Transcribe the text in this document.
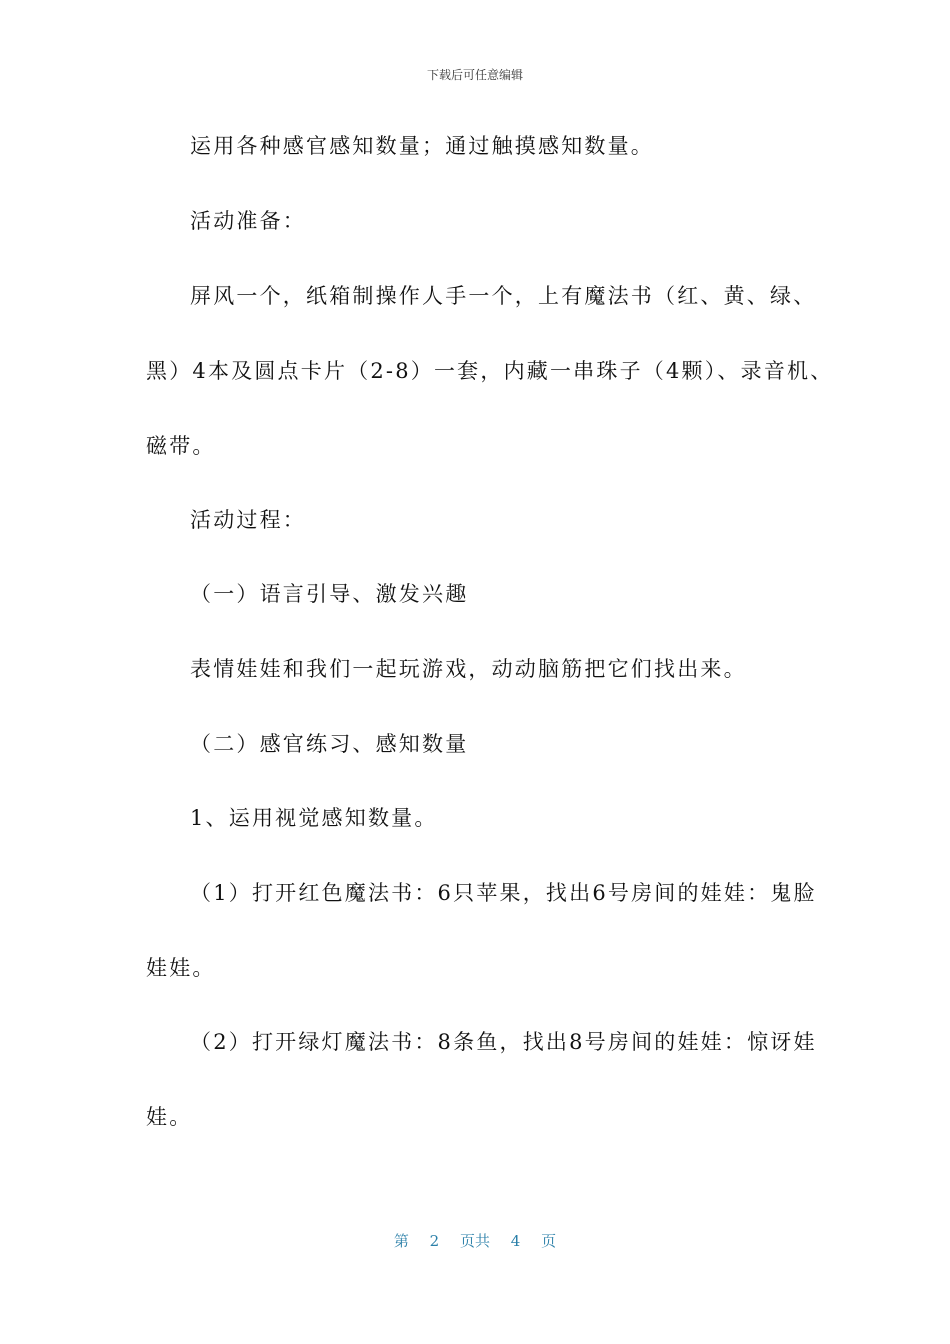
下载后可任意编辑
运用各种感官感知数量；通过触摸感知数量。
活动准备：
屏风一个，纸箱制操作人手一个，上有魔法书（红、黄、绿、
黑）4本及圆点卡片（2-8）一套，内藏一串珠子（4颗）、录音机、
磁带。
活动过程：
（一）语言引导、激发兴趣
表情娃娃和我们一起玩游戏，动动脑筋把它们找出来。
（二）感官练习、感知数量
1、运用视觉感知数量。
（1）打开红色魔法书：6只苹果，找出6号房间的娃娃：鬼脸
娃娃。
（2）打开绿灯魔法书：8条鱼，找出8号房间的娃娃：惊讶娃
娃。
第 2 页共 4 页
